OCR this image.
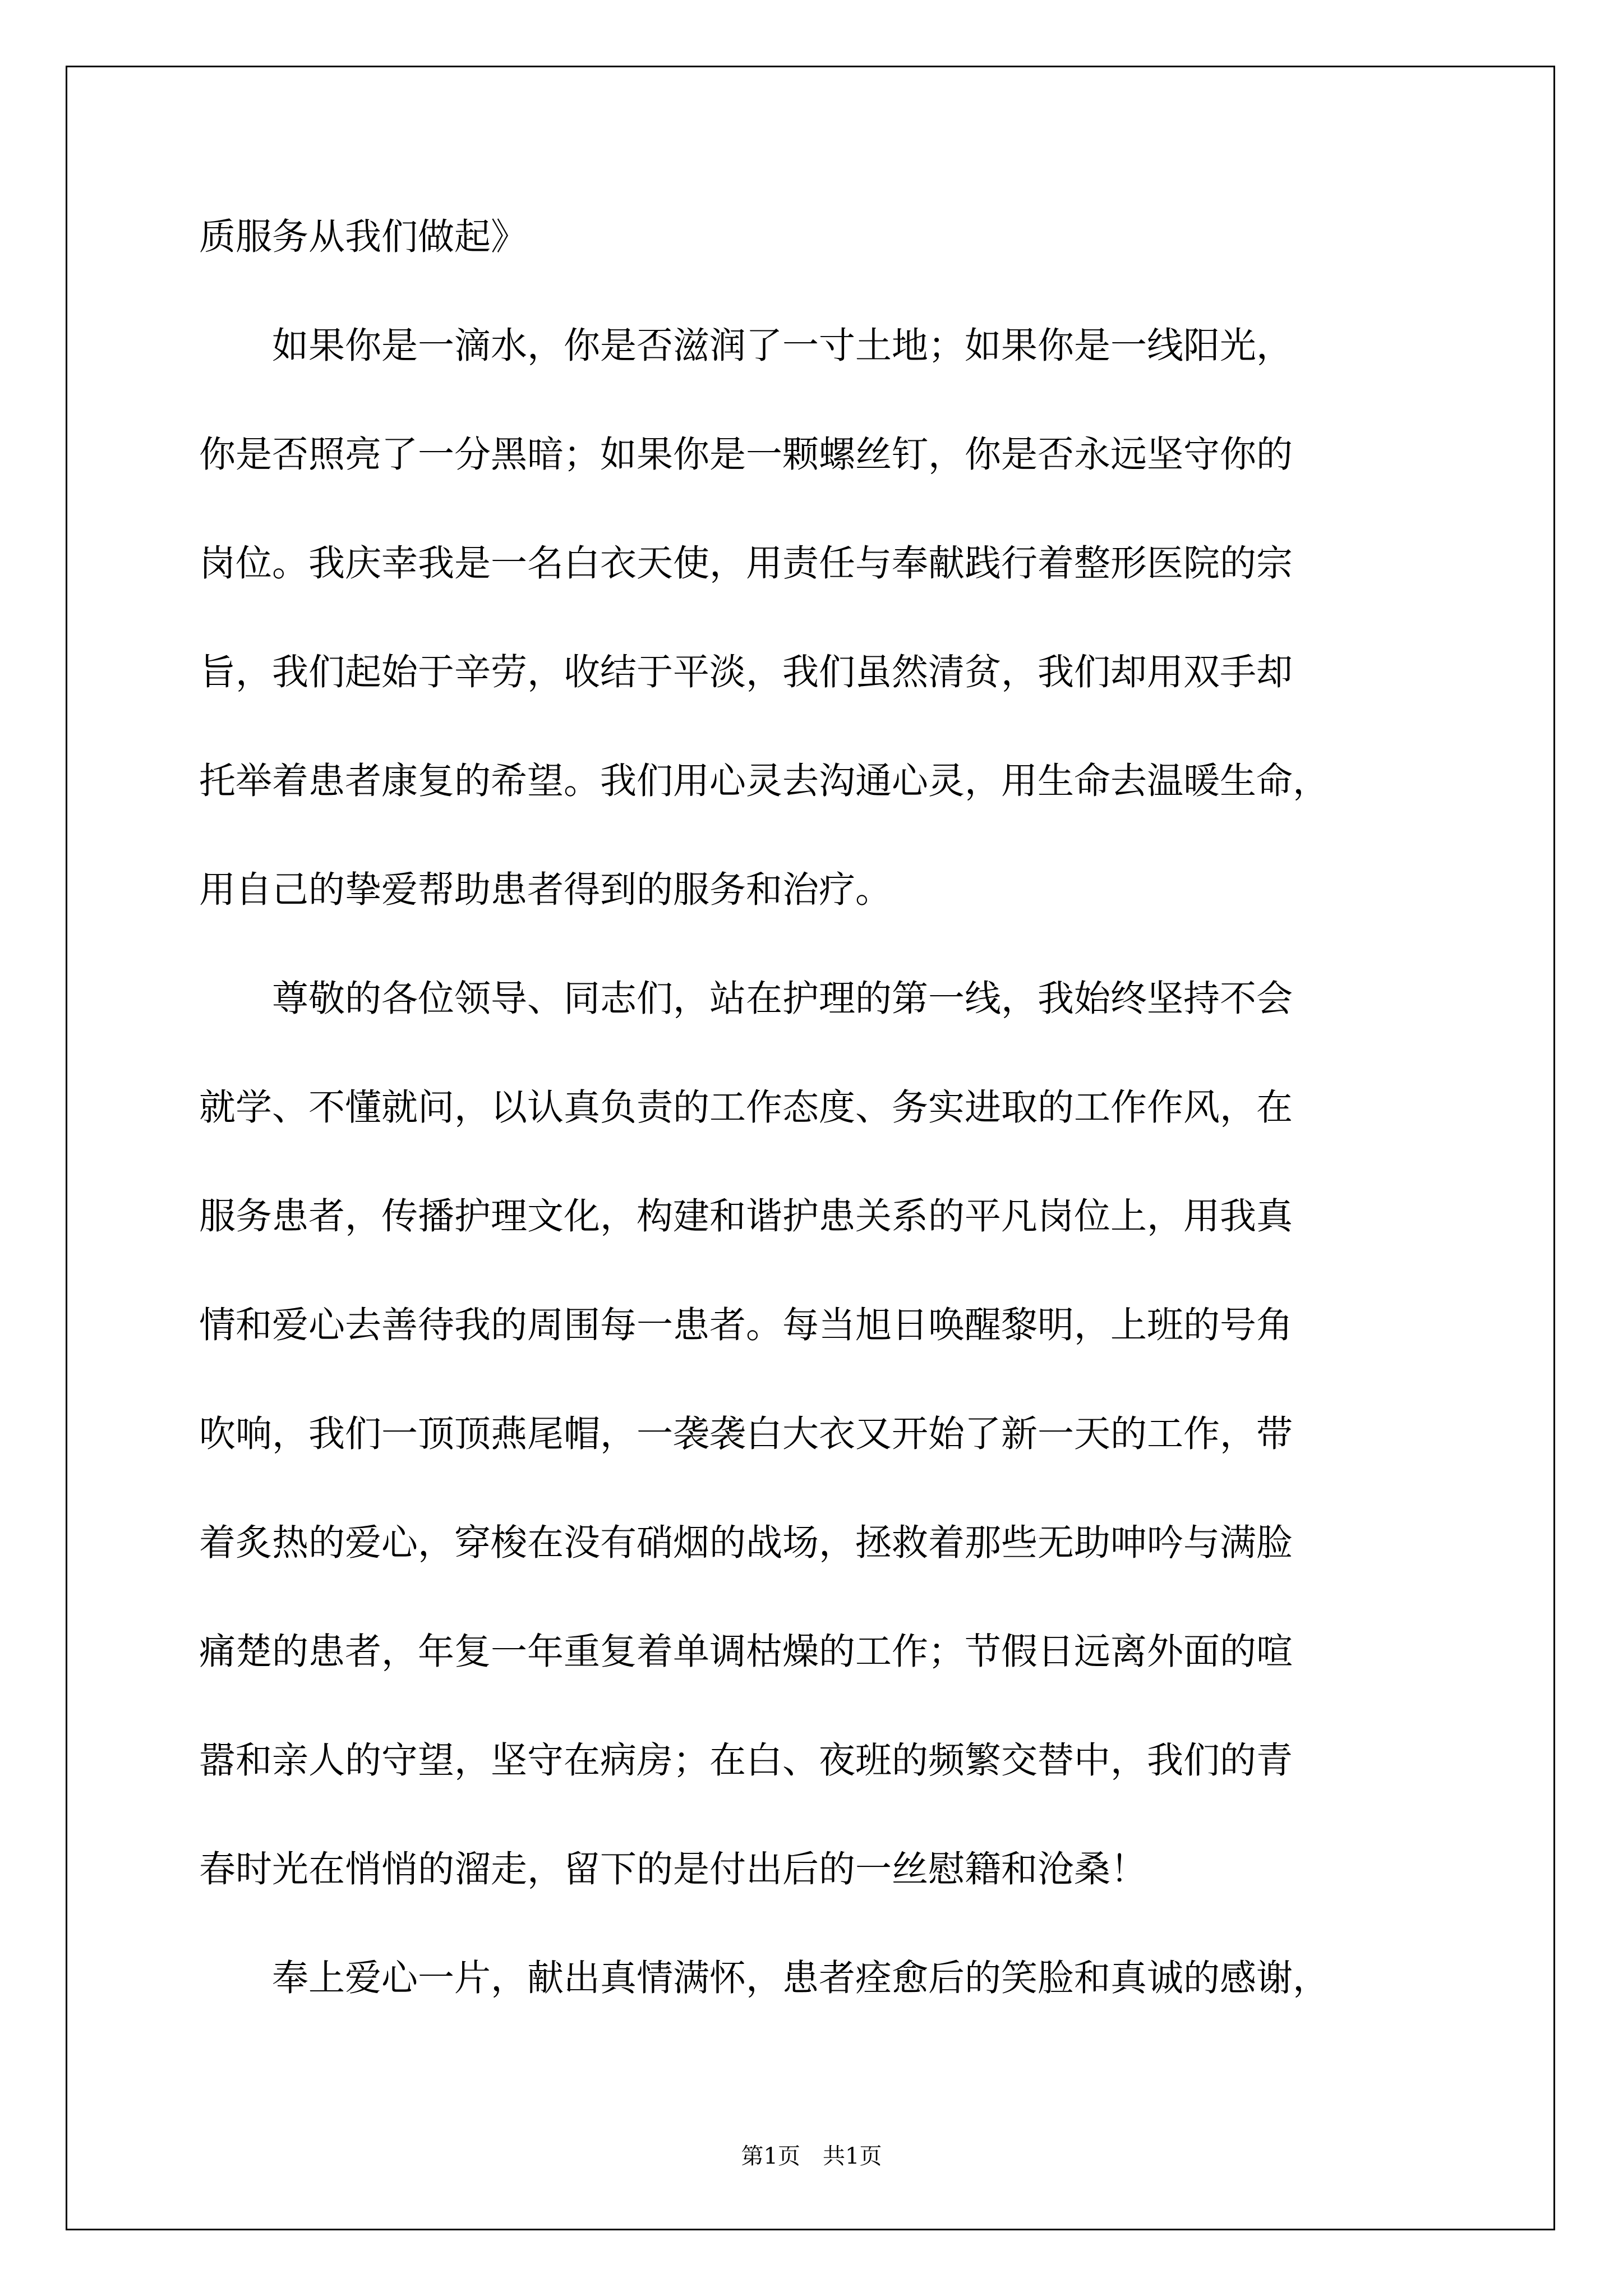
质服务从我们做起》
　　如果你是一滴水，你是否滋润了一寸土地；如果你是一线阳光，
你是否照亮了一分黑暗；如果你是一颗螺丝钉，你是否永远坚守你的
岗位。我庆幸我是一名白衣天使，用责任与奉献践行着整形医院的宗
旨，我们起始于辛劳，收结于平淡，我们虽然清贫，我们却用双手却
托举着患者康复的希望。我们用心灵去沟通心灵，用生命去温暖生命，
用自己的挚爱帮助患者得到的服务和治疗。
　　尊敬的各位领导、同志们，站在护理的第一线，我始终坚持不会
就学、不懂就问，以认真负责的工作态度、务实进取的工作作风，在
服务患者，传播护理文化，构建和谐护患关系的平凡岗位上，用我真
情和爱心去善待我的周围每一患者。每当旭日唤醒黎明，上班的号角
吹响，我们一顶顶燕尾帽，一袭袭白大衣又开始了新一天的工作，带
着炙热的爱心，穿梭在没有硝烟的战场，拯救着那些无助呻吟与满脸
痛楚的患者，年复一年重复着单调枯燥的工作；节假日远离外面的喧
嚣和亲人的守望，坚守在病房；在白、夜班的频繁交替中，我们的青
春时光在悄悄的溜走，留下的是付出后的一丝慰籍和沧桑！
　　奉上爱心一片，献出真情满怀，患者痊愈后的笑脸和真诚的感谢，
第1页　共1页
